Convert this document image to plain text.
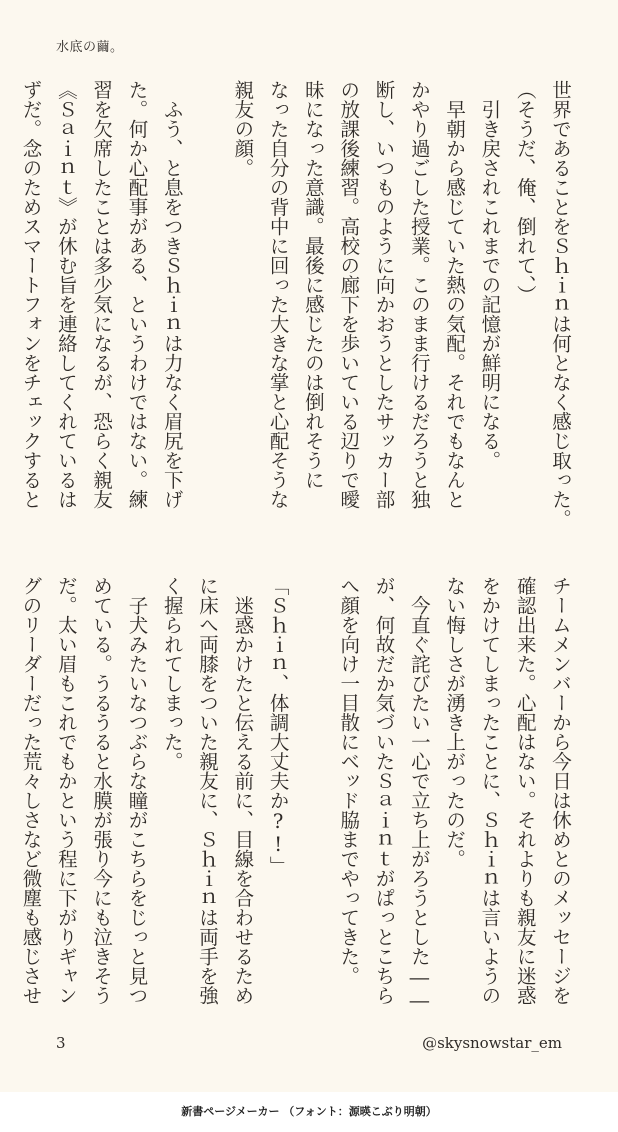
水底の繭。

世界であることをＳｈｉｎは何となく感じ取った。

（そうだ、俺、倒れて、）

　引き戻されこれまでの記憶が鮮明になる。

　早朝から感じていた熱の気配。それでもなんと

かやり過ごした授業。このまま行けるだろうと独

断し、いつものように向かおうとしたサッカー部

の放課後練習。高校の廊下を歩いている辺りで曖

昧になった意識。最後に感じたのは倒れそうに

なった自分の背中に回った大きな掌と心配そうな

親友の顔。

　ふう、と息をつきＳｈｉｎは力なく眉尻を下げ

た。何か心配事がある、というわけではない。練

習を欠席したことは多少気になるが、恐らく親友

《Ｓａｉｎｔ》が休む旨を連絡してくれているは

ずだ。念のためスマートフォンをチェックすると

チームメンバーから今日は休めとのメッセージを

確認出来た。心配はない。それよりも親友に迷惑

をかけてしまったことに、Ｓｈｉｎは言いようの

ない悔しさが湧き上がったのだ。

　今直ぐ詫びたい一心で立ち上がろうとした――

が、何故だか気づいたＳａｉｎｔがぱっとこちら

へ顔を向け一目散にベッド脇までやってきた。

「Ｓｈｉｎ、体調大丈夫か?!」

　迷惑かけたと伝える前に、目線を合わせるため

に床へ両膝をついた親友に、Ｓｈｉｎは両手を強

く握られてしまった。

　子犬みたいなつぶらな瞳がこちらをじっと見つ

めている。うるうると水膜が張り今にも泣きそう

だ。太い眉もこれでもかという程に下がりギャン

グのリーダーだった荒々しさなど微塵も感じさせ

3	@skysnowstar_em
新書ページメーカー （フォント：源暎こぶり明朝）
